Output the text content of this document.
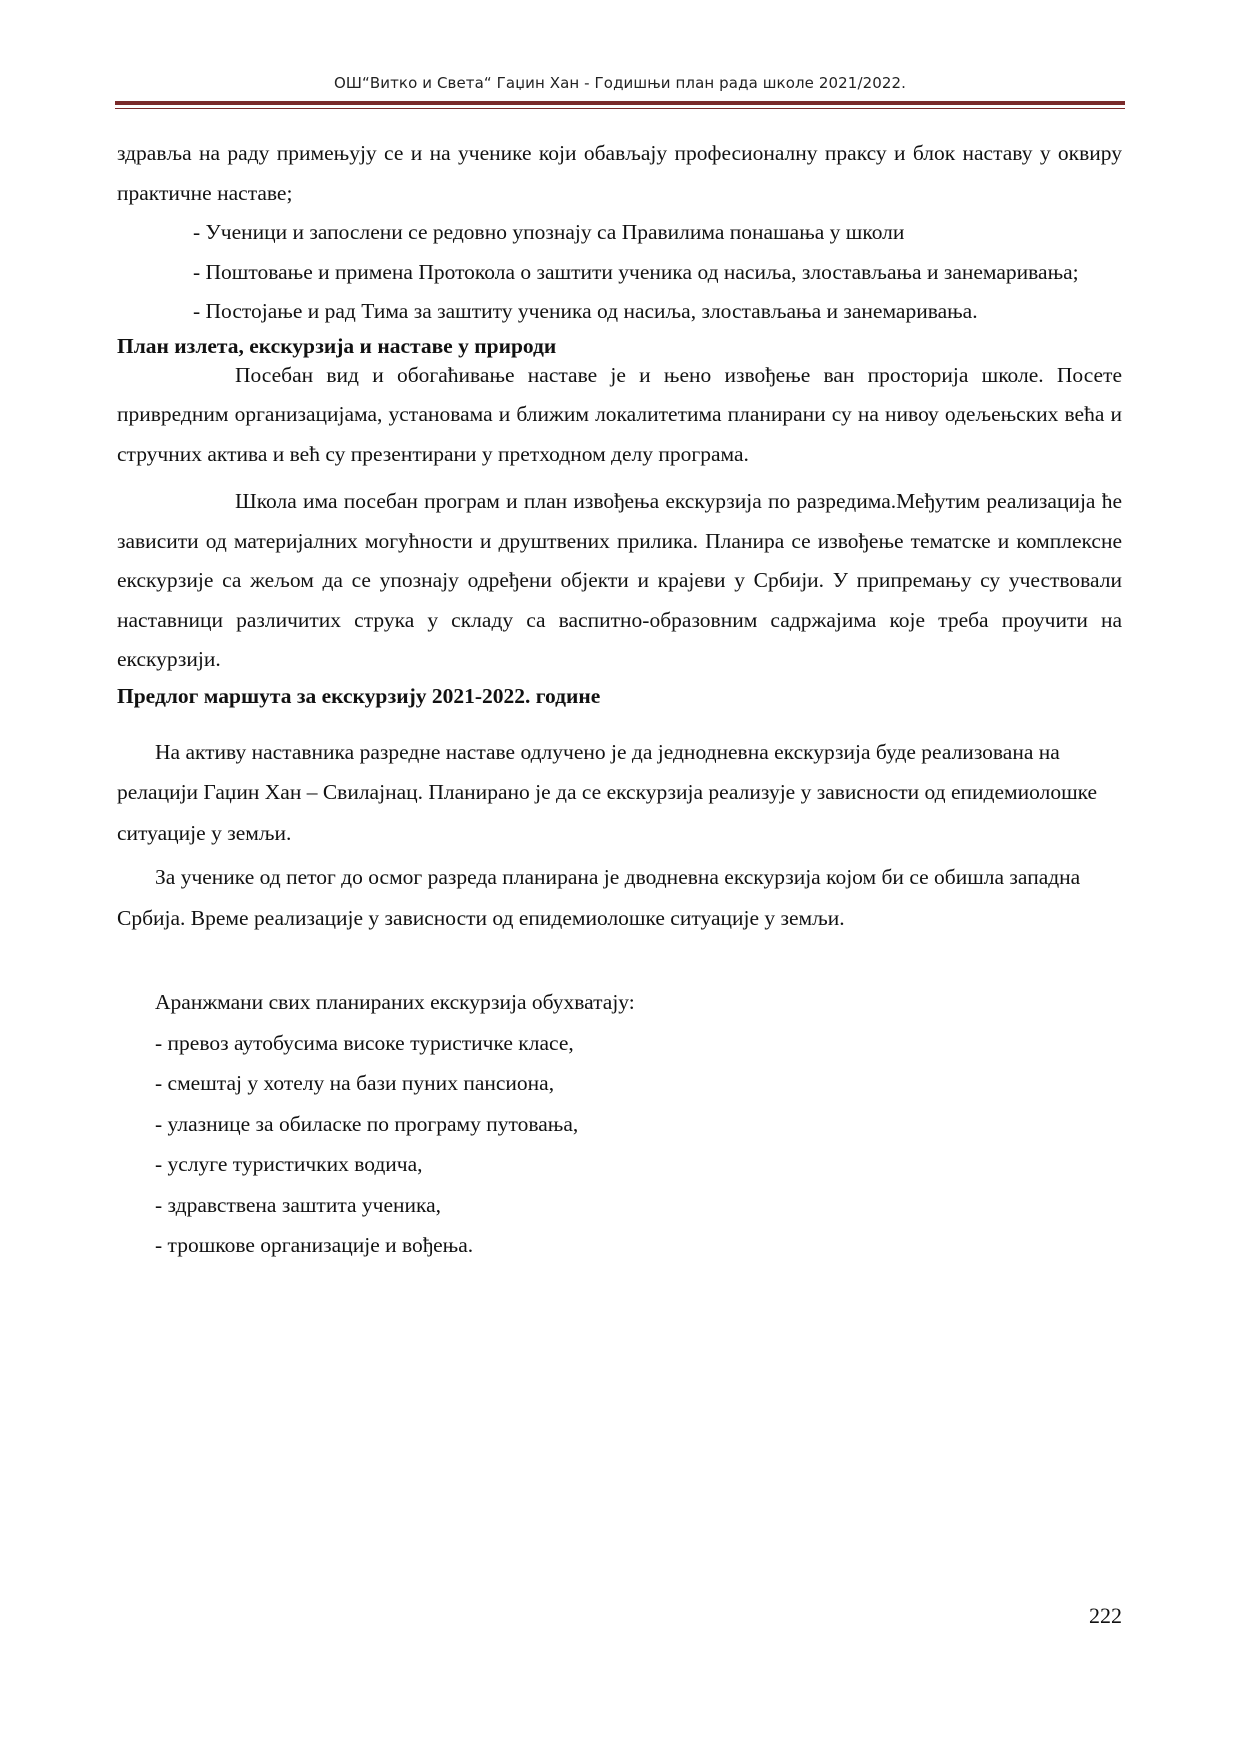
ОШ“Витко и Света“ Гаџин Хан - Годишњи план рада школе 2021/2022.

здравља на раду примењују се и на ученике који обављају професионалну праксу и блок наставу у оквиру практичне наставе;

- Ученици и запослени се редовно упознају са Правилима понашања у школи

- Поштовање и примена Протокола о заштити ученика од насиља, злостављања и занемаривања;

- Постојање и рад Тима за заштиту ученика од насиља, злостављања и занемаривања.

План излета, екскурзија и наставе у природи

Посебан вид и обогаћивање наставе је и њено извођење ван просторија школе. Посете привредним организацијама, установама и ближим локалитетима планирани су на нивоу одељењских већа и стручних актива и већ су презентирани у претходном делу програма.

Школа има посебан програм и план извођења екскурзија по разредима.Међутим реализација ће зависити од материјалних могућности и друштвених прилика. Планира се извођење тематске и комплексне екскурзије са жељом да се упознају одређени објекти и крајеви у Србији. У припремању су учествовали наставници различитих струка у складу са васпитно-образовним садржајима које треба проучити на екскурзији.

Предлог маршута за екскурзију 2021-2022. године

На активу наставника разредне наставе одлучено је да једнодневна екскурзија буде реализована на релацији Гаџин Хан – Свилајнац. Планирано је да се екскурзија реализује у зависности од епидемиолошке ситуације у земљи.

За ученике од петог до осмог разреда планирана је дводневна екскурзија којом би се обишла западна Србија. Време реализације у зависности од епидемиолошке ситуације у земљи.

Аранжмани свих планираних екскурзија обухватају:

- превоз аутобусима високе туристичке класе,

- смештај у хотелу на бази пуних пансиона,

- улазнице за обиласке по програму путовања,

- услуге туристичких водича,

- здравствена заштита ученика,

- трошкове организације и вођења.

222
